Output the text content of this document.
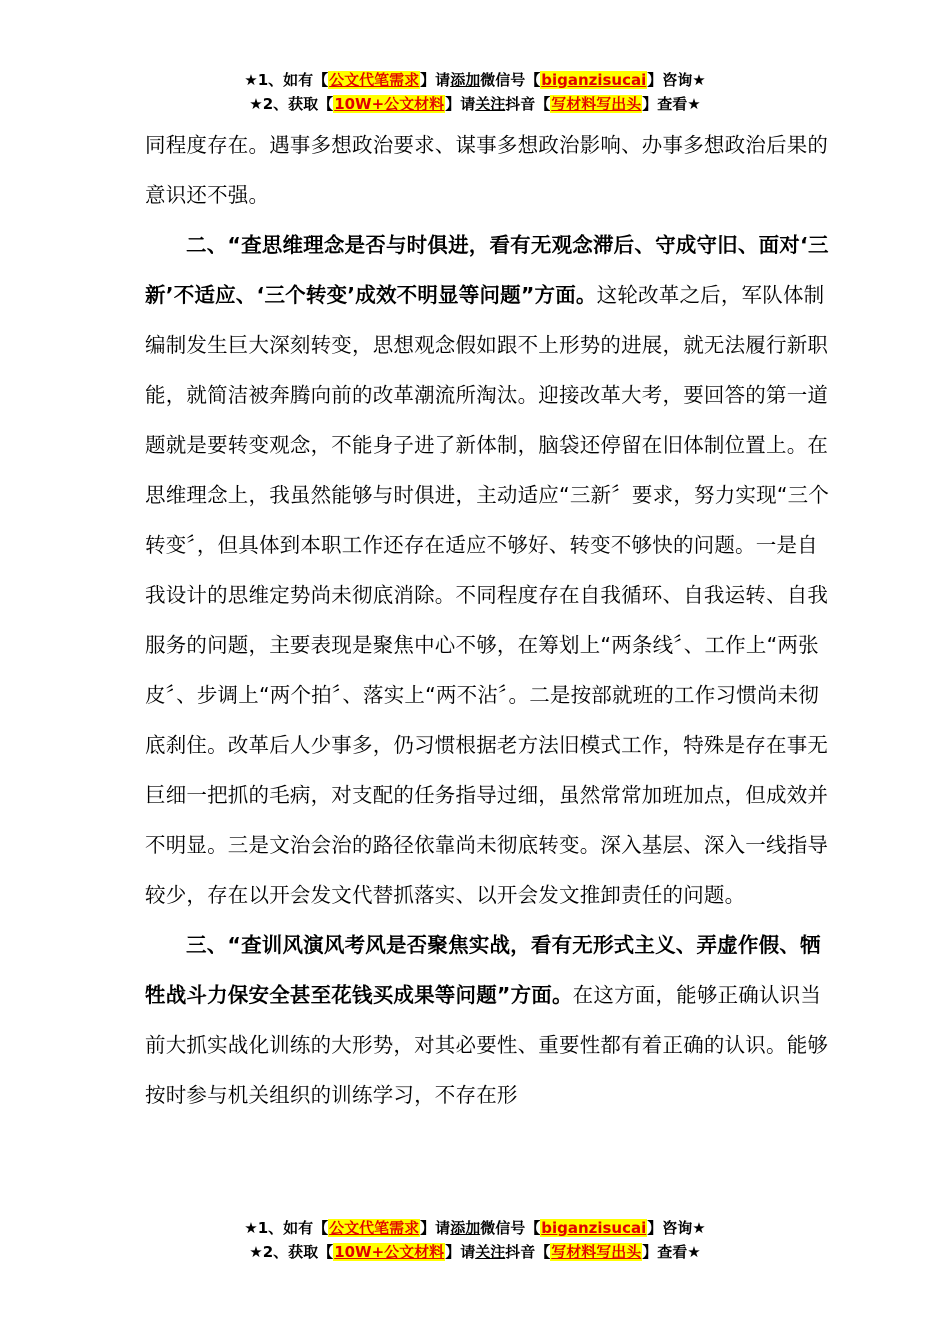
★1、如有【公文代笔需求】请添加微信号【biganzisucai】咨询★
★2、获取【10W+公文材料】请关注抖音【写材料写出头】查看★

同程度存在。遇事多想政治要求、谋事多想政治影响、办事多想政治后果的意识还不强。

二、“查思维理念是否与时俱进，看有无观念滞后、守成守旧、面对‘三新’不适应、‘三个转变’成效不明显等问题”方面。这轮改革之后，军队体制编制发生巨大深刻转变，思想观念假如跟不上形势的进展，就无法履行新职能，就简洁被奔腾向前的改革潮流所淘汰。迎接改革大考，要回答的第一道题就是要转变观念，不能身子进了新体制，脑袋还停留在旧体制位置上。在思维理念上，我虽然能够与时俱进，主动适应“三新〞要求，努力实现“三个转变〞，但具体到本职工作还存在适应不够好、转变不够快的问题。一是自我设计的思维定势尚未彻底消除。不同程度存在自我循环、自我运转、自我服务的问题，主要表现是聚焦中心不够，在筹划上“两条线〞、工作上“两张皮〞、步调上“两个拍〞、落实上“两不沾〞。二是按部就班的工作习惯尚未彻底刹住。改革后人少事多，仍习惯根据老方法旧模式工作，特殊是存在事无巨细一把抓的毛病，对支配的任务指导过细，虽然常常加班加点，但成效并不明显。三是文治会治的路径依靠尚未彻底转变。深入基层、深入一线指导较少，存在以开会发文代替抓落实、以开会发文推卸责任的问题。

三、“查训风演风考风是否聚焦实战，看有无形式主义、弄虚作假、牺牲战斗力保安全甚至花钱买成果等问题”方面。在这方面，能够正确认识当前大抓实战化训练的大形势，对其必要性、重要性都有着正确的认识。能够按时参与机关组织的训练学习，不存在形

★1、如有【公文代笔需求】请添加微信号【biganzisucai】咨询★
★2、获取【10W+公文材料】请关注抖音【写材料写出头】查看★
